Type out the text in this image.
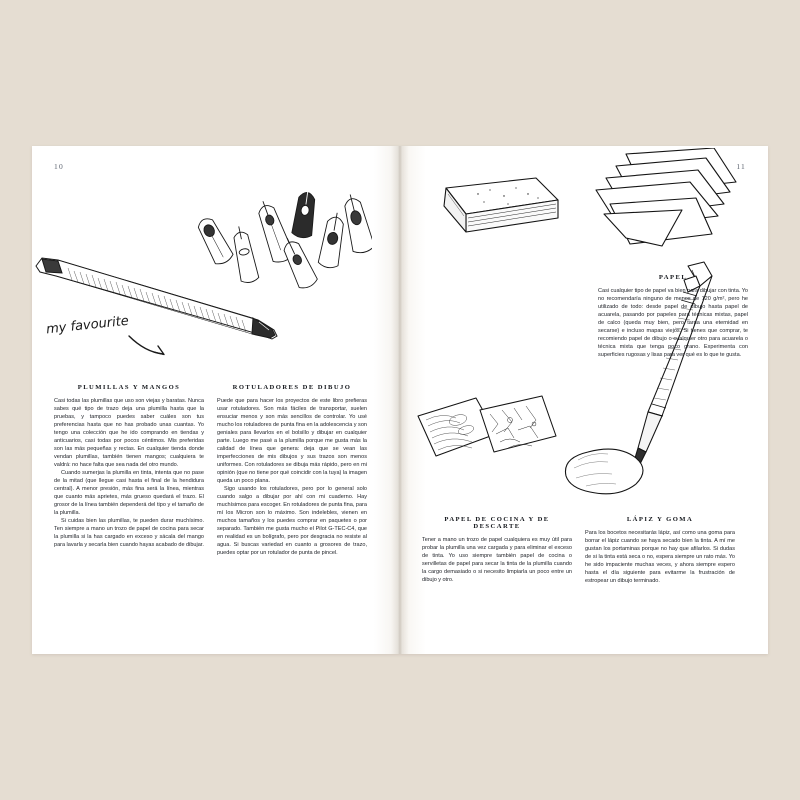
10
my favourite
PLUMILLAS Y MANGOS

Casi todas las plumillas que uso son viejas y baratas. Nunca sabes qué tipo de trazo deja una plumilla hasta que la pruebas, y tampoco puedes saber cuáles son tus preferencias hasta que no has probado unas cuantas. Yo tengo una colección que he ido comprando en tiendas y anticuarios, casi todas por pocos céntimos. Mis preferidas son las más pequeñas y rectas. En cualquier tienda donde vendan plumillas, también tienen mangos; cualquiera te valdrá: no hace falta que sea nada del otro mundo.

Cuando sumerjas la plumilla en tinta, intenta que no pase de la mitad (que llegue casi hasta el final de la hendidura central). A menor presión, más fina será la línea, mientras que cuanto más aprietes, más grueso quedará el trazo. El grosor de la línea también dependerá del tipo y el tamaño de la plumilla.

Si cuidas bien las plumillas, te pueden durar muchísimo. Ten siempre a mano un trozo de papel de cocina para secar la plumilla si la has cargado en exceso y sácala del mango para lavarla y secarla bien cuando hayas acabado de dibujar.

ROTULADORES DE DIBUJO

Puede que para hacer los proyectos de este libro prefieras usar rotuladores. Son más fáciles de transportar, suelen ensuciar menos y son más sencillos de controlar. Yo usé mucho los rotuladores de punta fina en la adolescencia y son geniales para llevarlos en el bolsillo y dibujar en cualquier parte. Luego me pasé a la plumilla porque me gusta más la calidad de línea que genera: deja que se vean las imperfecciones de mis dibujos y sus trazos son menos uniformes. Con rotuladores se dibuja más rápido, pero en mi opinión (que no tiene por qué coincidir con la tuya) la imagen queda un poco plana.

Sigo usando los rotuladores, pero por lo general solo cuando salgo a dibujar por ahí con mi cuaderno. Hay muchísimos para escoger. En rotuladores de punta fina, para mí los Micron son lo máximo. Son indelebles, vienen en muchos tamaños y los puedes comprar en paquetes o por separado. También me gusta mucho el Pilot G-TEC-C4, que en realidad es un bolígrafo, pero por desgracia no resiste al agua. Si buscas variedad en cuanto a grosores de trazo, puedes optar por un rotulador de punta de pincel.

11
PAPEL

Casi cualquier tipo de papel va bien para dibujar con tinta. Yo no recomendaría ninguno de menos de 120 g/m², pero he utilizado de todo: desde papel de dibujo hasta papel de acuarela, pasando por papeles para técnicas mixtas, papel de calco (queda muy bien, pero tarda una eternidad en secarse) e incluso mapas viejos. Si tienes que comprar, te recomiendo papel de dibujo o cualquier otro para acuarela o técnica mixta que tenga poco grano. Experimenta con superficies rugosas y lisas para ver qué es lo que te gusta.

PAPEL DE COCINA Y DE DESCARTE

Tener a mano un trozo de papel cualquiera es muy útil para probar la plumilla una vez cargada y para eliminar el exceso de tinta. Yo uso siempre también papel de cocina o servilletas de papel para secar la tinta de la plumilla cuando la cargo demasiado o si necesito limpiarla un poco entre un dibujo y otro.

LÁPIZ Y GOMA

Para los bocetos necesitarás lápiz, así como una goma para borrar el lápiz cuando se haya secado bien la tinta. A mí me gustan los portaminas porque no hay que afilarlos. Si dudas de si la tinta está seca o no, espera siempre un rato más. Yo he sido impaciente muchas veces, y ahora siempre espero hasta el día siguiente para evitarme la frustración de estropear un dibujo terminado.
